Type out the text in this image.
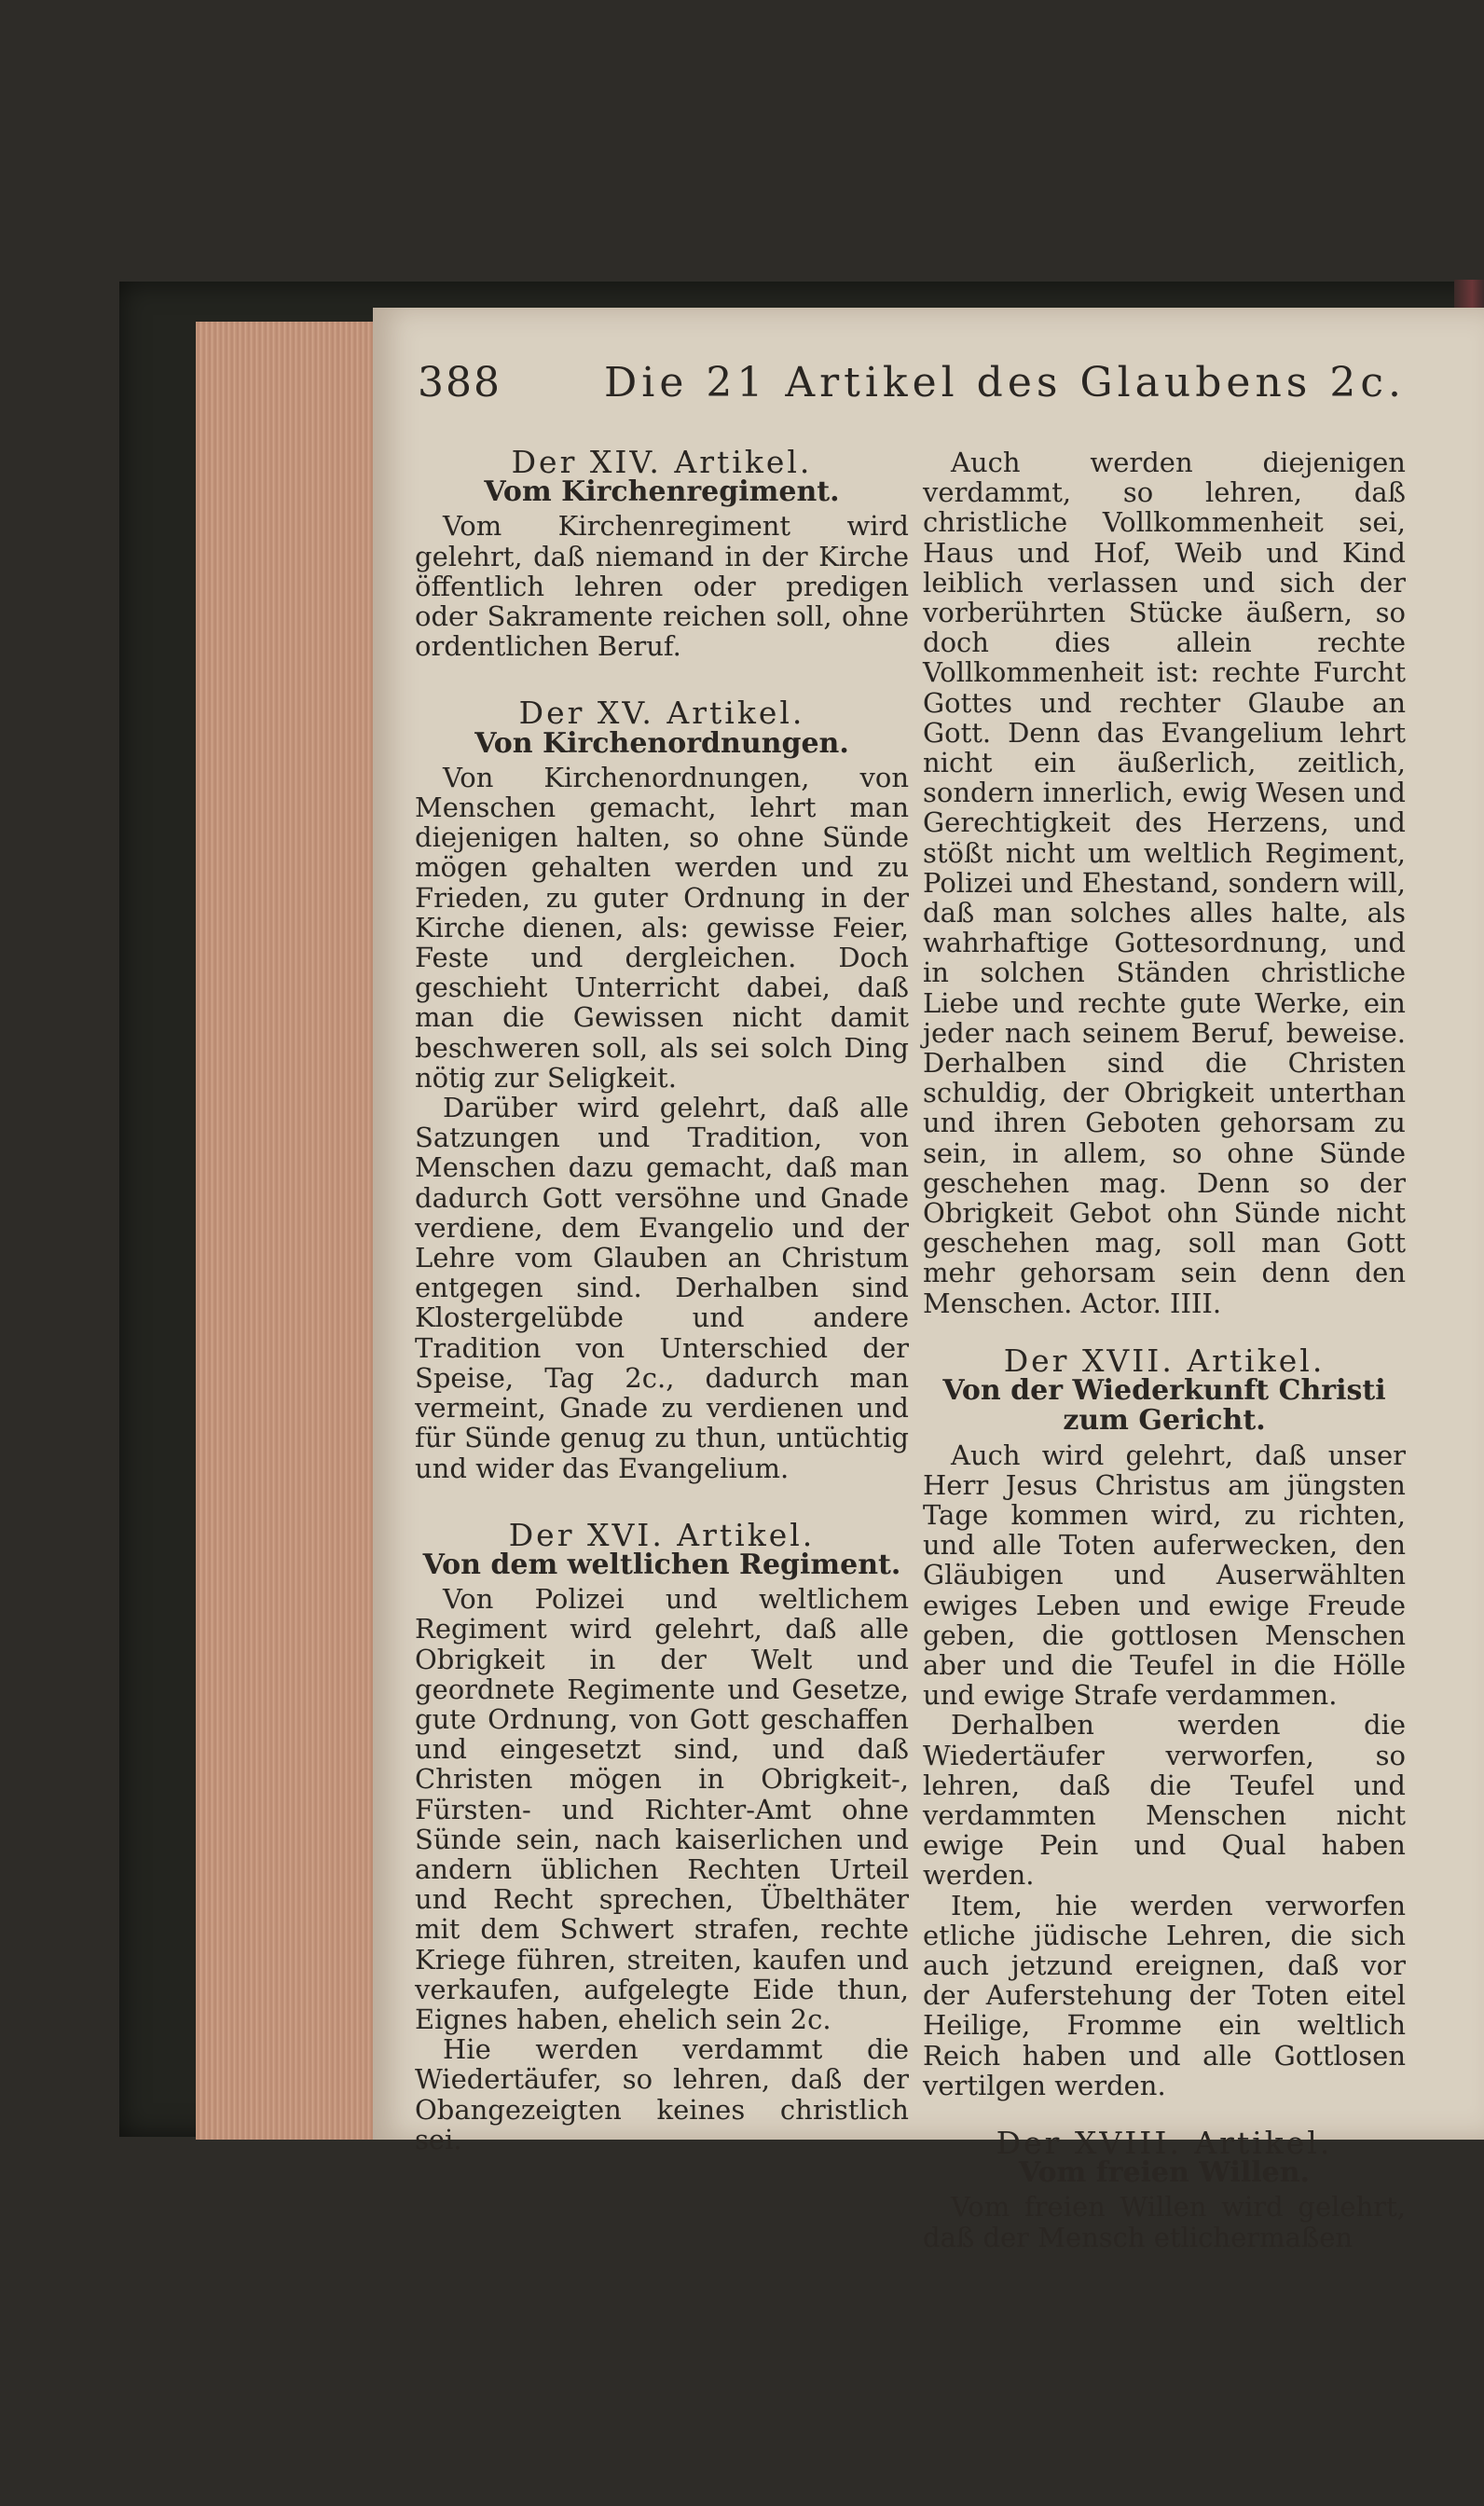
388	Die 21 Artikel des Glaubens 2c.

Der XIV. Artikel.

Vom Kirchenregiment.

Vom Kirchenregiment wird gelehrt, daß niemand in der Kirche öffentlich lehren oder predigen oder Sakramente reichen soll, ohne ordentlichen Beruf.

Der XV. Artikel.

Von Kirchenordnungen.

Von Kirchenordnungen, von Menschen gemacht, lehrt man diejenigen halten, so ohne Sünde mögen gehalten werden und zu Frieden, zu guter Ordnung in der Kirche dienen, als: gewisse Feier, Feste und dergleichen. Doch geschieht Unterricht dabei, daß man die Gewissen nicht damit beschweren soll, als sei solch Ding nötig zur Seligkeit.

Darüber wird gelehrt, daß alle Satzungen und Tradition, von Menschen dazu gemacht, daß man dadurch Gott versöhne und Gnade verdiene, dem Evangelio und der Lehre vom Glauben an Christum entgegen sind. Derhalben sind Klostergelübde und andere Tradition von Unterschied der Speise, Tag 2c., dadurch man vermeint, Gnade zu verdienen und für Sünde genug zu thun, untüchtig und wider das Evangelium.

Der XVI. Artikel.

Von dem weltlichen Regiment.

Von Polizei und weltlichem Regiment wird gelehrt, daß alle Obrigkeit in der Welt und geordnete Regimente und Gesetze, gute Ordnung, von Gott geschaffen und eingesetzt sind, und daß Christen mögen in Obrigkeit-, Fürsten- und Richter-Amt ohne Sünde sein, nach kaiserlichen und andern üblichen Rechten Urteil und Recht sprechen, Übelthäter mit dem Schwert strafen, rechte Kriege führen, streiten, kaufen und verkaufen, aufgelegte Eide thun, Eignes haben, ehelich sein 2c.

Hie werden verdammt die Wiedertäufer, so lehren, daß der Obangezeigten keines christlich sei.

Auch werden diejenigen verdammt, so lehren, daß christliche Vollkommenheit sei, Haus und Hof, Weib und Kind leiblich verlassen und sich der vorberührten Stücke äußern, so doch dies allein rechte Vollkommenheit ist: rechte Furcht Gottes und rechter Glaube an Gott. Denn das Evangelium lehrt nicht ein äußerlich, zeitlich, sondern innerlich, ewig Wesen und Gerechtigkeit des Herzens, und stößt nicht um weltlich Regiment, Polizei und Ehestand, sondern will, daß man solches alles halte, als wahrhaftige Gottesordnung, und in solchen Ständen christliche Liebe und rechte gute Werke, ein jeder nach seinem Beruf, beweise. Derhalben sind die Christen schuldig, der Obrigkeit unterthan und ihren Geboten gehorsam zu sein, in allem, so ohne Sünde geschehen mag. Denn so der Obrigkeit Gebot ohn Sünde nicht geschehen mag, soll man Gott mehr gehorsam sein denn den Menschen. Actor. IIII.

Der XVII. Artikel.

Von der Wiederkunft Christi zum Gericht.

Auch wird gelehrt, daß unser Herr Jesus Christus am jüngsten Tage kommen wird, zu richten, und alle Toten auferwecken, den Gläubigen und Auserwählten ewiges Leben und ewige Freude geben, die gottlosen Menschen aber und die Teufel in die Hölle und ewige Strafe verdammen.

Derhalben werden die Wiedertäufer verworfen, so lehren, daß die Teufel und verdammten Menschen nicht ewige Pein und Qual haben werden.

Item, hie werden verworfen etliche jüdische Lehren, die sich auch jetzund ereignen, daß vor der Auferstehung der Toten eitel Heilige, Fromme ein weltlich Reich haben und alle Gottlosen vertilgen werden.

Der XVIII. Artikel.

Vom freien Willen.

Vom freien Willen wird gelehrt, daß der Mensch etlichermaßen
